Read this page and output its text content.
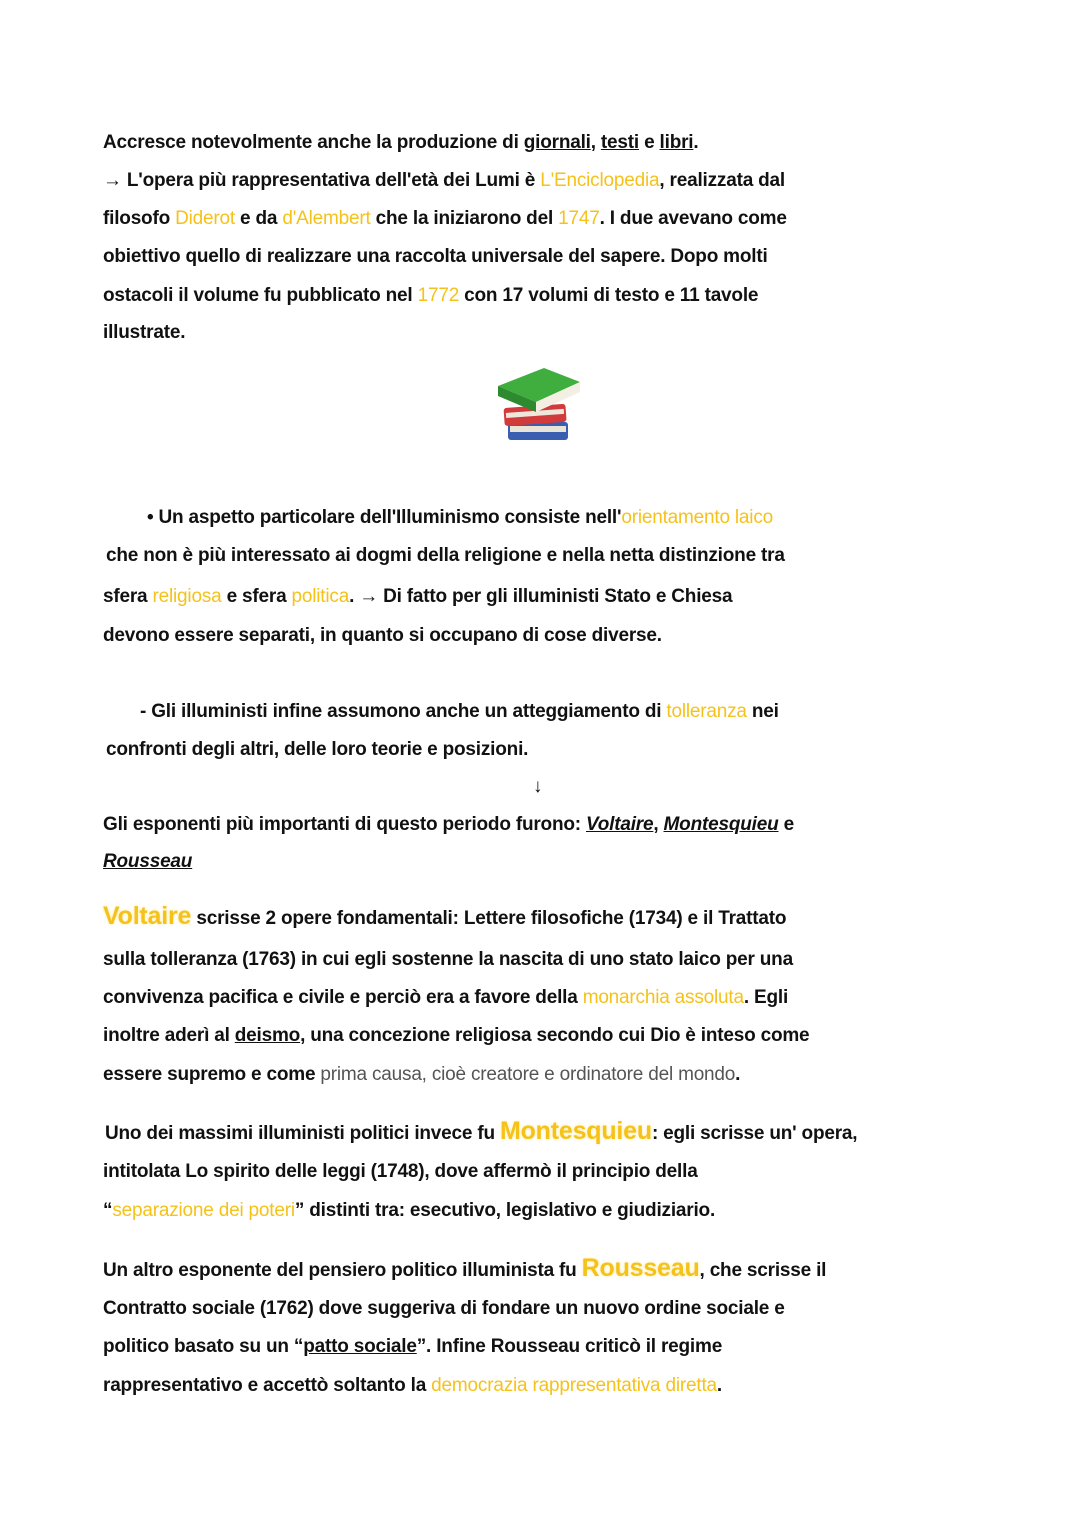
Accresce notevolmente anche la produzione di giornali, testi e libri.
→ L'opera più rappresentativa dell'età dei Lumi è L'Enciclopedia, realizzata dal
filosofo Diderot e da d'Alembert che la iniziarono del 1747. I due avevano come
obiettivo quello di realizzare una raccolta universale del sapere. Dopo molti
ostacoli il volume fu pubblicato nel 1772 con 17 volumi di testo e 11 tavole
illustrate.
• Un aspetto particolare dell'Illuminismo consiste nell'orientamento laico
che non è più interessato ai dogmi della religione e nella netta distinzione tra
sfera religiosa e sfera politica. → Di fatto per gli illuministi Stato e Chiesa
devono essere separati, in quanto si occupano di cose diverse.
- Gli illuministi infine assumono anche un atteggiamento di tolleranza nei
confronti degli altri, delle loro teorie e posizioni.
↓
Gli esponenti più importanti di questo periodo furono: Voltaire, Montesquieu e
Rousseau
Voltaire scrisse 2 opere fondamentali: Lettere filosofiche (1734) e il Trattato
sulla tolleranza (1763) in cui egli sostenne la nascita di uno stato laico per una
convivenza pacifica e civile e perciò era a favore della monarchia assoluta. Egli
inoltre aderì al deismo, una concezione religiosa secondo cui Dio è inteso come
essere supremo e come prima causa, cioè creatore e ordinatore del mondo.
Uno dei massimi illuministi politici invece fu Montesquieu: egli scrisse un' opera,
intitolata Lo spirito delle leggi (1748), dove affermò il principio della
“separazione dei poteri” distinti tra: esecutivo, legislativo e giudiziario.
Un altro esponente del pensiero politico illuminista fu Rousseau, che scrisse il
Contratto sociale (1762) dove suggeriva di fondare un nuovo ordine sociale e
politico basato su un “patto sociale”. Infine Rousseau criticò il regime
rappresentativo e accettò soltanto la democrazia rappresentativa diretta.
